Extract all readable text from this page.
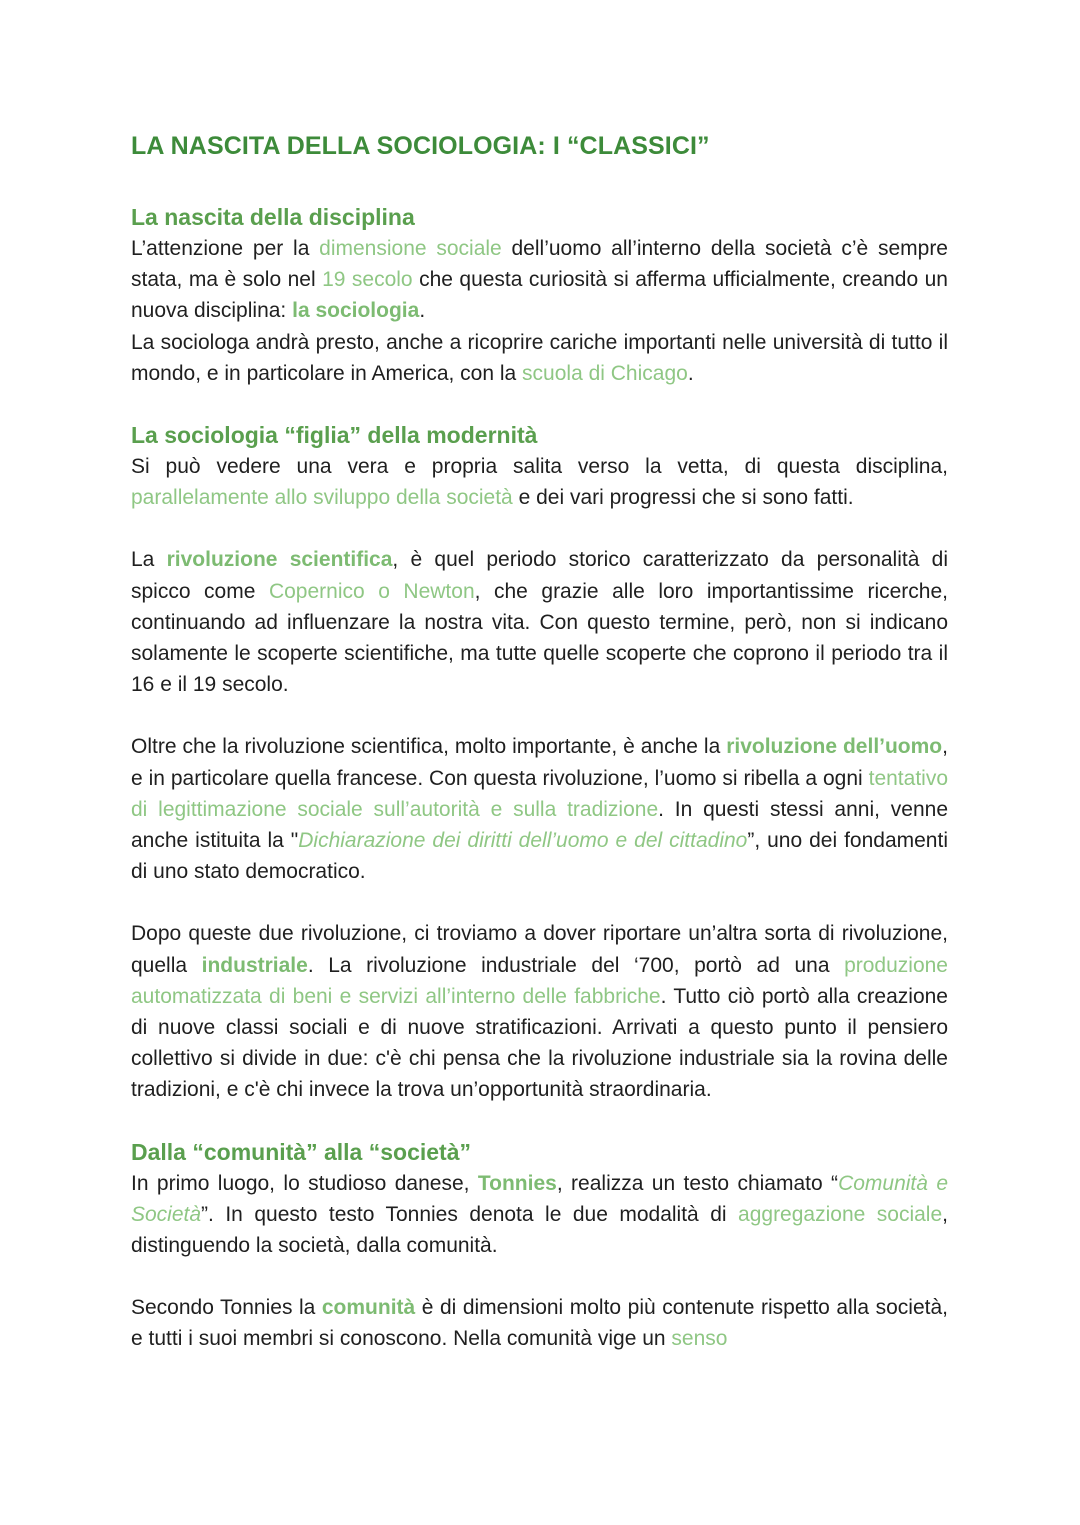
LA NASCITA DELLA SOCIOLOGIA: I “CLASSICI”
La nascita della disciplina

L’attenzione per la dimensione sociale dell’uomo all’interno della società c’è sempre stata, ma è solo nel 19 secolo che questa curiosità si afferma ufficialmente, creando un nuova disciplina: la sociologia.

La sociologa andrà presto, anche a ricoprire cariche importanti nelle università di tutto il mondo, e in particolare in America, con la scuola di Chicago.

La sociologia “figlia” della modernità

Si può vedere una vera e propria salita verso la vetta, di questa disciplina, parallelamente allo sviluppo della società e dei vari progressi che si sono fatti.

La rivoluzione scientifica, è quel periodo storico caratterizzato da personalità di spicco come Copernico o Newton, che grazie alle loro importantissime ricerche, continuando ad influenzare la nostra vita. Con questo termine, però, non si indicano solamente le scoperte scientifiche, ma tutte quelle scoperte che coprono il periodo tra il 16 e il 19 secolo.

Oltre che la rivoluzione scientifica, molto importante, è anche la rivoluzione dell’uomo, e in particolare quella francese. Con questa rivoluzione, l’uomo si ribella a ogni tentativo di legittimazione sociale sull’autorità e sulla tradizione. In questi stessi anni, venne anche istituita la "Dichiarazione dei diritti dell’uomo e del cittadino”, uno dei fondamenti di uno stato democratico.

Dopo queste due rivoluzione, ci troviamo a dover riportare un’altra sorta di rivoluzione, quella industriale. La rivoluzione industriale del ‘700, portò ad una produzione automatizzata di beni e servizi all’interno delle fabbriche. Tutto ciò portò alla creazione di nuove classi sociali e di nuove stratificazioni. Arrivati a questo punto il pensiero collettivo si divide in due: c'è chi pensa che la rivoluzione industriale sia la rovina delle tradizioni, e c'è chi invece la trova un’opportunità straordinaria.

Dalla “comunità” alla “società”

In primo luogo, lo studioso danese, Tonnies, realizza un testo chiamato “Comunità e Società”. In questo testo Tonnies denota le due modalità di aggregazione sociale, distinguendo la società, dalla comunità.

Secondo Tonnies la comunità è di dimensioni molto più contenute rispetto alla società, e tutti i suoi membri si conoscono. Nella comunità vige un senso
